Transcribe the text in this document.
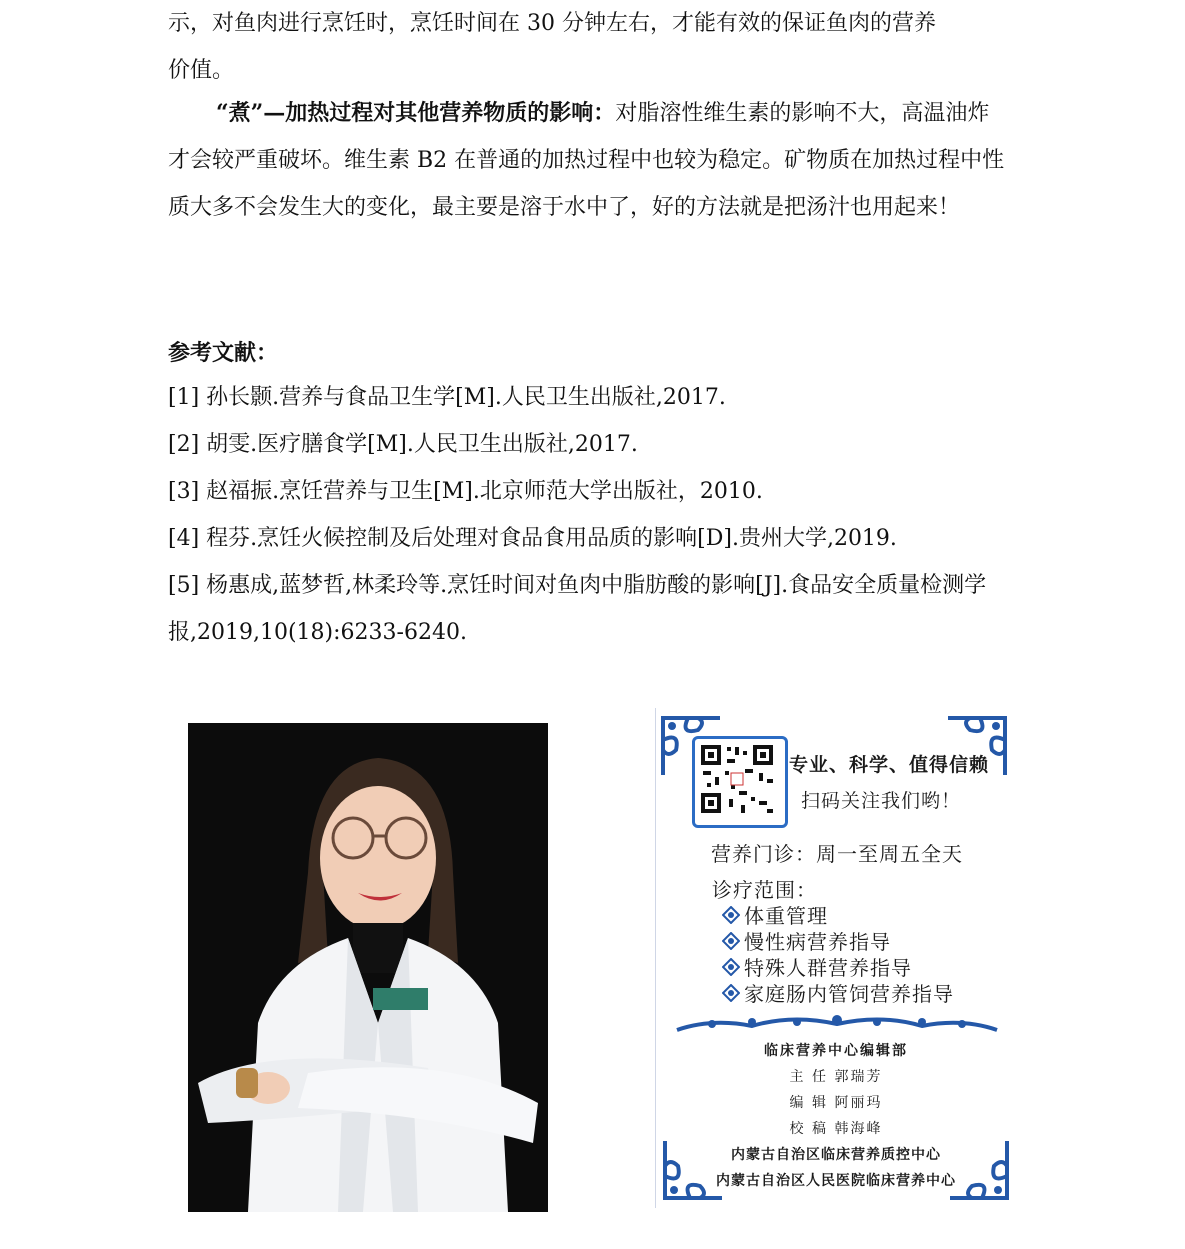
示，对鱼肉进行烹饪时，烹饪时间在 30 分钟左右，才能有效的保证鱼肉的营养
价值。

“煮”—加热过程对其他营养物质的影响：对脂溶性维生素的影响不大，高温油炸才会较严重破坏。维生素 B2 在普通的加热过程中也较为稳定。矿物质在加热过程中性质大多不会发生大的变化，最主要是溶于水中了，好的方法就是把汤汁也用起来！

参考文献：
[1] 孙长颢.营养与食品卫生学[M].人民卫生出版社,2017.
[2] 胡雯.医疗膳食学[M].人民卫生出版社,2017.
[3] 赵福振.烹饪营养与卫生[M].北京师范大学出版社，2010.
[4] 程芬.烹饪火候控制及后处理对食品食用品质的影响[D].贵州大学,2019.
[5] 杨惠成,蓝梦哲,林柔玲等.烹饪时间对鱼肉中脂肪酸的影响[J].食品安全质量检测学报,2019,10(18):6233-6240.
专业、科学、值得信赖
扫码关注我们哟！
营养门诊：周一至周五全天
诊疗范围：
体重管理
慢性病营养指导
特殊人群营养指导
家庭肠内管饲营养指导
临床营养中心编辑部
主 任 郭瑞芳
编 辑 阿丽玛
校 稿 韩海峰
内蒙古自治区临床营养质控中心
内蒙古自治区人民医院临床营养中心
